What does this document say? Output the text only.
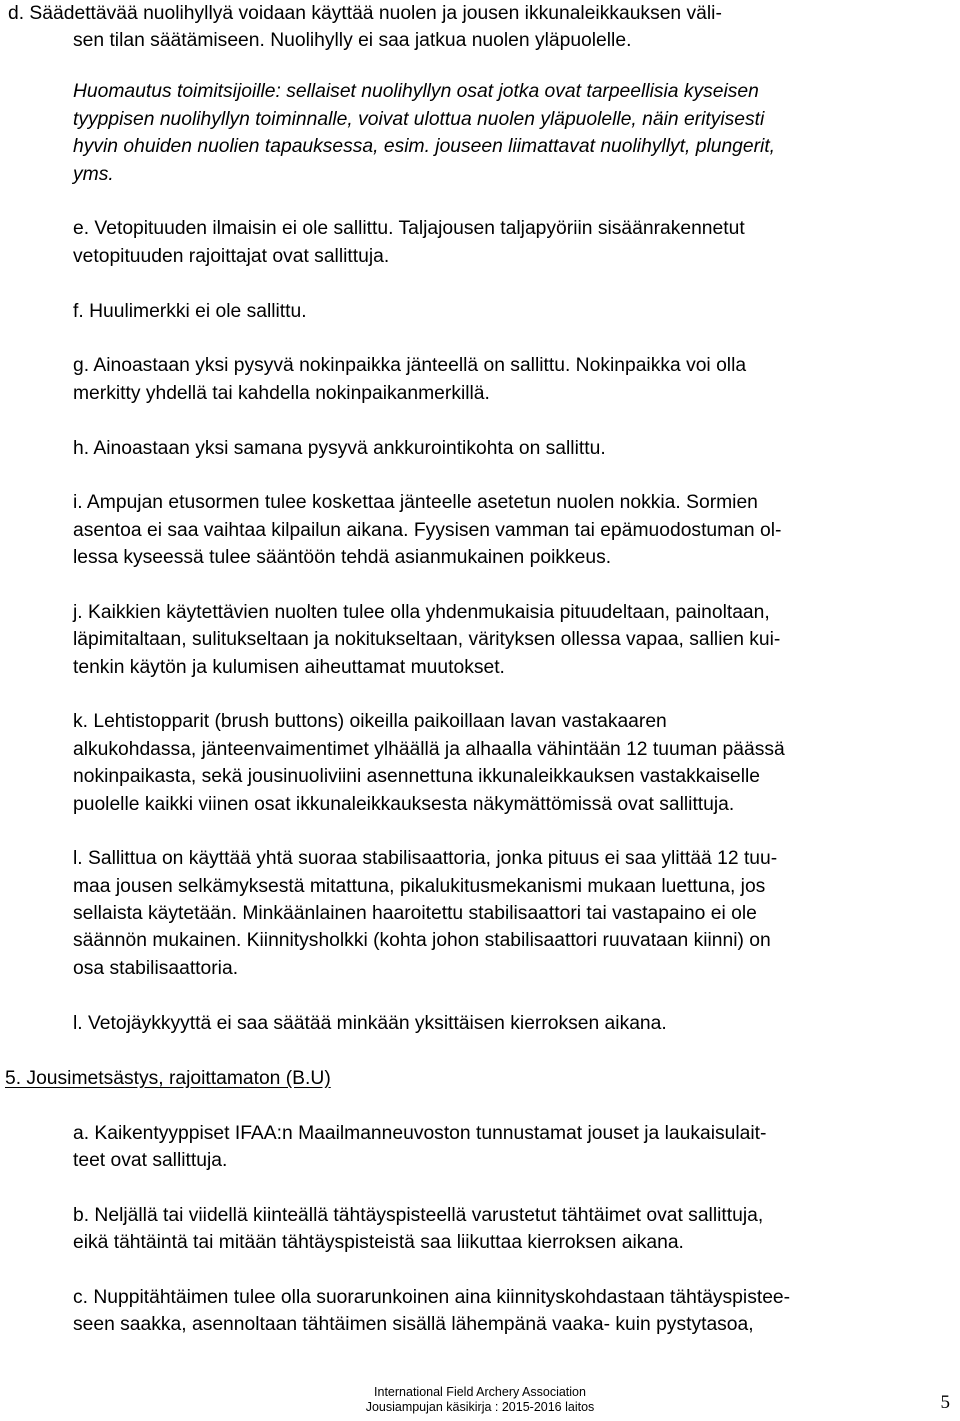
d. Säädettävää nuolihyllyä voidaan käyttää nuolen ja jousen ikkunaleikkauksen väli-
sen tilan säätämiseen. Nuolihylly ei saa jatkua nuolen yläpuolelle.
Huomautus toimitsijoille: sellaiset nuolihyllyn osat jotka ovat tarpeellisia kyseisen
tyyppisen nuolihyllyn toiminnalle, voivat ulottua nuolen yläpuolelle, näin erityisesti
hyvin ohuiden nuolien tapauksessa, esim. jouseen liimattavat nuolihyllyt, plungerit,
yms.
e. Vetopituuden ilmaisin ei ole sallittu. Taljajousen taljapyöriin sisäänrakennetut
vetopituuden rajoittajat ovat sallittuja.
f. Huulimerkki ei ole sallittu.
g. Ainoastaan yksi pysyvä nokinpaikka jänteellä on sallittu. Nokinpaikka voi olla
merkitty yhdellä tai kahdella nokinpaikanmerkillä.
h. Ainoastaan yksi samana pysyvä ankkurointikohta on sallittu.
i. Ampujan etusormen tulee koskettaa jänteelle asetetun nuolen nokkia. Sormien
asentoa ei saa vaihtaa kilpailun aikana. Fyysisen vamman tai epämuodostuman ol-
lessa kyseessä tulee sääntöön tehdä asianmukainen poikkeus.
j. Kaikkien käytettävien nuolten tulee olla yhdenmukaisia pituudeltaan, painoltaan,
läpimitaltaan, sulitukseltaan ja nokitukseltaan, värityksen ollessa vapaa, sallien kui-
tenkin käytön ja kulumisen aiheuttamat muutokset.
k. Lehtistopparit (brush buttons) oikeilla paikoillaan lavan vastakaaren
alkukohdassa, jänteenvaimentimet ylhäällä ja alhaalla vähintään 12 tuuman päässä
nokinpaikasta, sekä jousinuoliviini asennettuna ikkunaleikkauksen vastakkaiselle
puolelle kaikki viinen osat ikkunaleikkauksesta näkymättömissä ovat sallittuja.
l. Sallittua on käyttää yhtä suoraa stabilisaattoria, jonka pituus ei saa ylittää 12 tuu-
maa jousen selkämyksestä mitattuna, pikalukitusmekanismi mukaan luettuna, jos
sellaista käytetään. Minkäänlainen haaroitettu stabilisaattori tai vastapaino ei ole
säännön mukainen. Kiinnitysholkki (kohta johon stabilisaattori ruuvataan kiinni) on
osa stabilisaattoria.
l. Vetojäykkyyttä ei saa säätää minkään yksittäisen kierroksen aikana.
5. Jousimetsästys, rajoittamaton (B.U)
a. Kaikentyyppiset IFAA:n Maailmanneuvoston tunnustamat jouset ja laukaisulait-
teet ovat sallittuja.
b. Neljällä tai viidellä kiinteällä tähtäyspisteellä varustetut tähtäimet ovat sallittuja,
eikä tähtäintä tai mitään tähtäyspisteistä saa liikuttaa kierroksen aikana.
c. Nuppitähtäimen tulee olla suorarunkoinen aina kiinnityskohdastaan tähtäyspistee-
seen saakka, asennoltaan tähtäimen sisällä lähempänä vaaka- kuin pystytasoa,
International Field Archery Association
Jousiampujan käsikirja : 2015-2016 laitos	5
